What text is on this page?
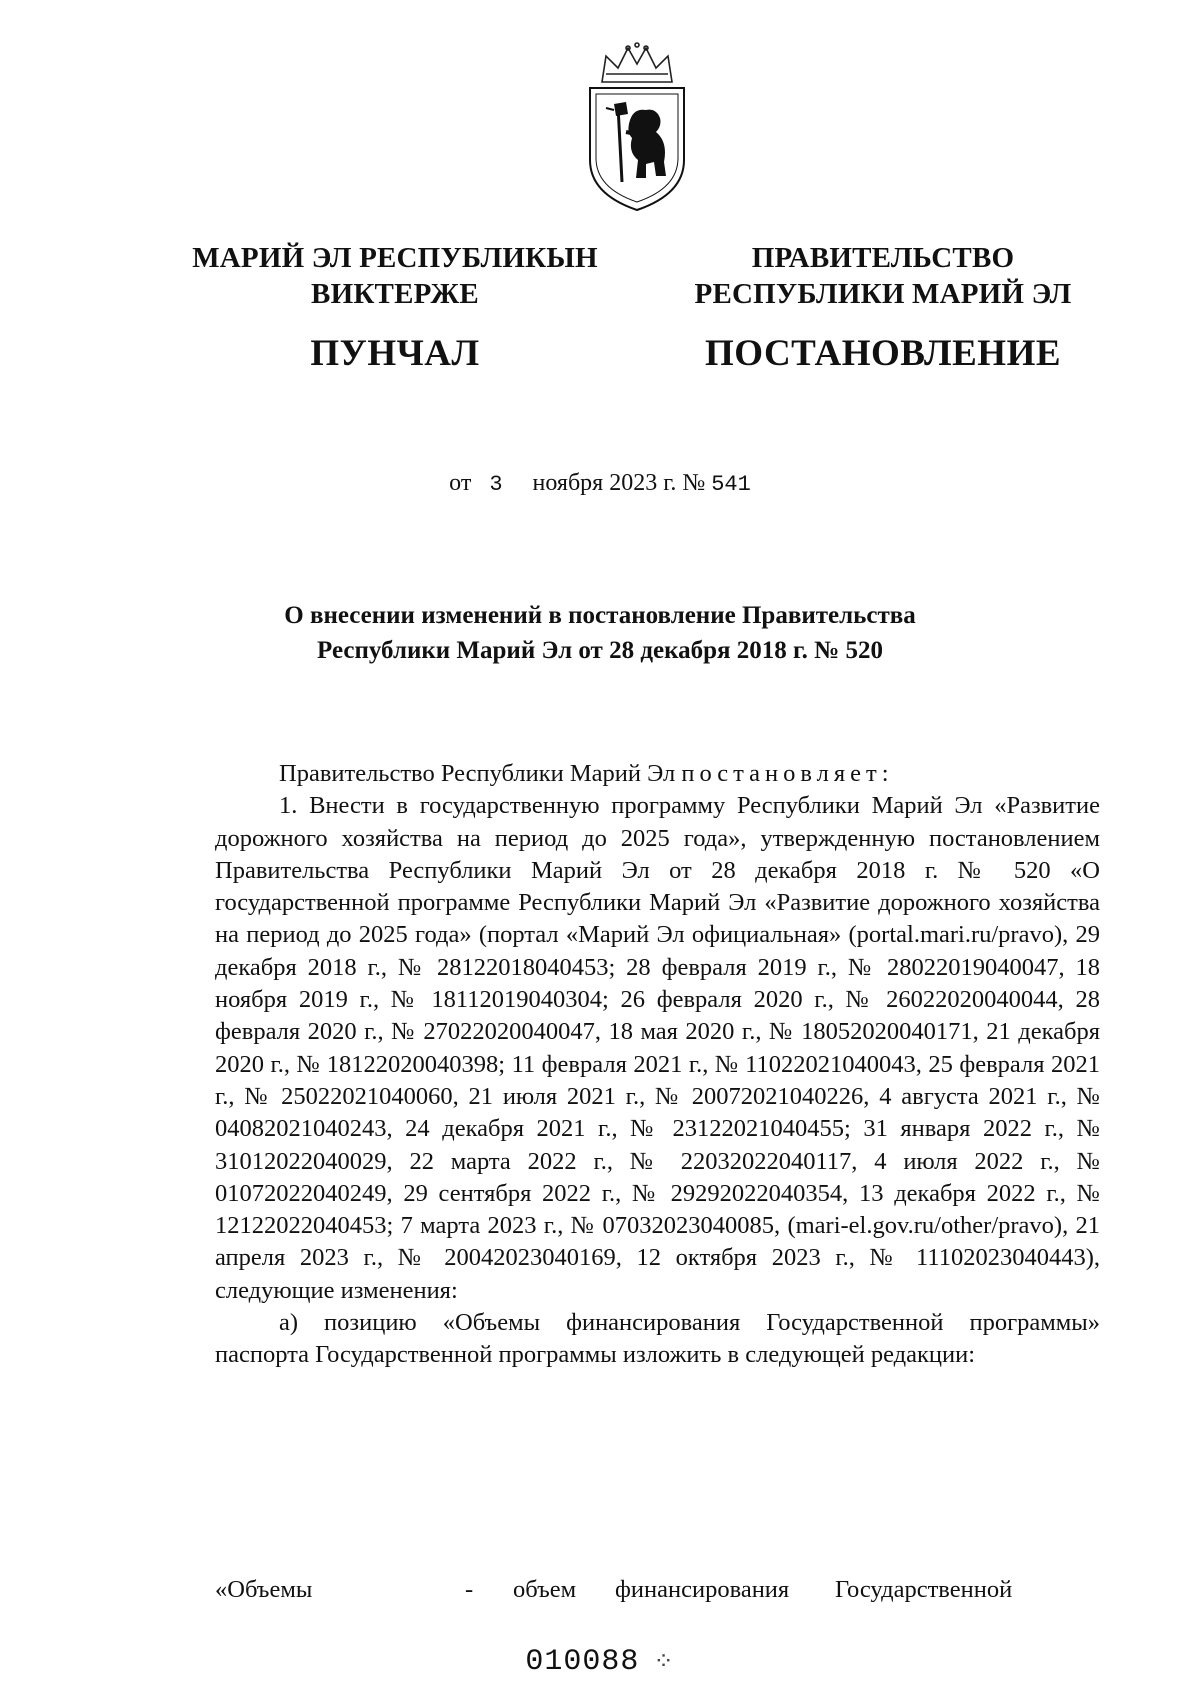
МАРИЙ ЭЛ РЕСПУБЛИКЫН
ВИКТЕРЖЕ
ПУНЧАЛ
ПРАВИТЕЛЬСТВО
РЕСПУБЛИКИ МАРИЙ ЭЛ
ПОСТАНОВЛЕНИЕ
от 3 ноября 2023 г. № 541
О внесении изменений в постановление Правительства
Республики Марий Эл от 28 декабря 2018 г. № 520

Правительство Республики Марий Эл постановляет:

1. Внести в государственную программу Республики Марий Эл «Развитие дорожного хозяйства на период до 2025 года», утвержденную постановлением Правительства Республики Марий Эл от 28 декабря 2018 г. № 520 «О государственной программе Республики Марий Эл «Развитие дорожного хозяйства на период до 2025 года» (портал «Марий Эл официальная» (portal.mari.ru/pravo), 29 декабря 2018 г., № 28122018040453; 28 февраля 2019 г., № 28022019040047, 18 ноября 2019 г., № 18112019040304; 26 февраля 2020 г., № 26022020040044, 28 февраля 2020 г., № 27022020040047, 18 мая 2020 г., № 18052020040171, 21 декабря 2020 г., № 18122020040398; 11 февраля 2021 г., № 11022021040043, 25 февраля 2021 г., № 25022021040060, 21 июля 2021 г., № 20072021040226, 4 августа 2021 г., № 04082021040243, 24 декабря 2021 г., № 23122021040455; 31 января 2022 г., № 31012022040029, 22 марта 2022 г., № 22032022040117, 4 июля 2022 г., № 01072022040249, 29 сентября 2022 г., № 29292022040354, 13 декабря 2022 г., № 12122022040453; 7 марта 2023 г., № 07032023040085, (mari-el.gov.ru/other/pravo), 21 апреля 2023 г., № 20042023040169, 12 октября 2023 г., № 11102023040443), следующие изменения:

а) позицию «Объемы финансирования Государственной программы» паспорта Государственной программы изложить в следующей редакции:

«Объемы	- объем финансирования Государственной
010088 ⁘
